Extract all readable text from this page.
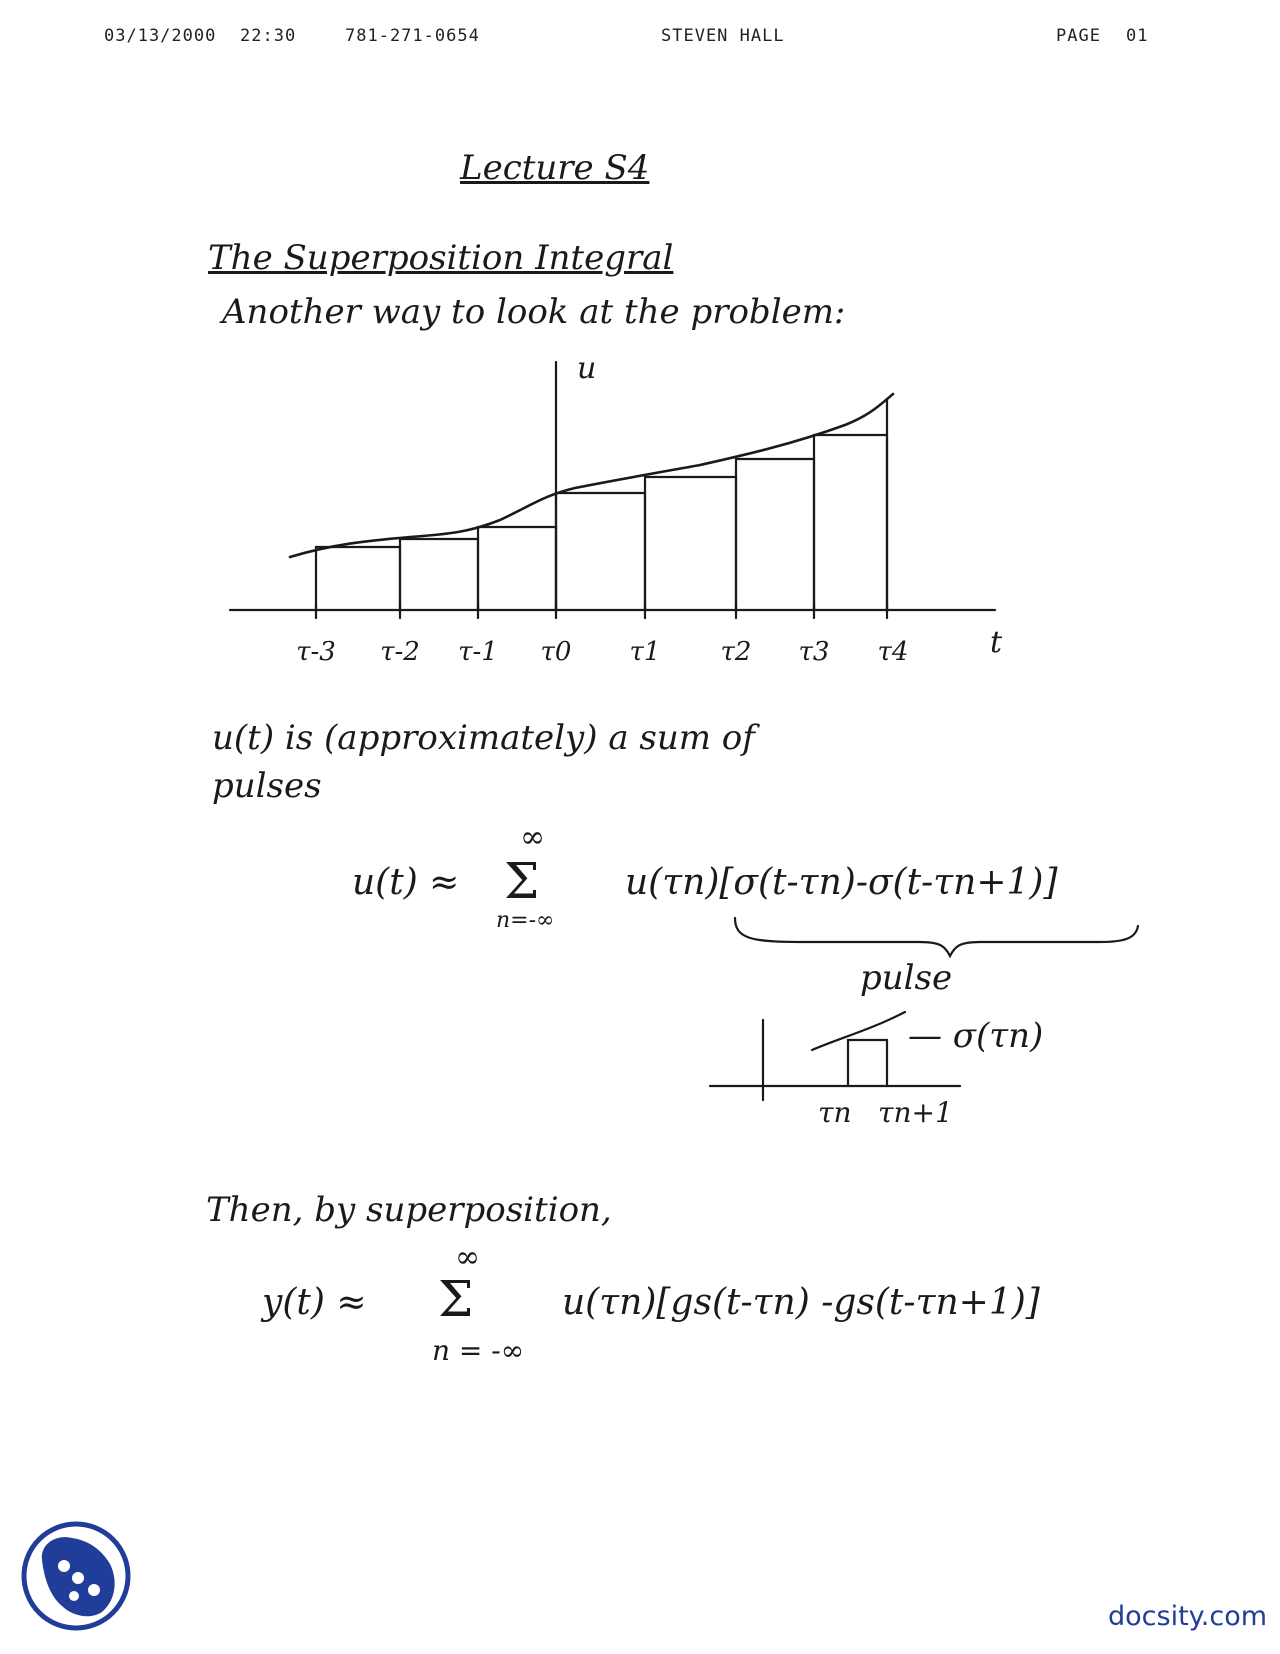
03/13/2000 22:30	781-271-0654	STEVEN HALL	PAGE 01
Lecture S4
The Superposition Integral
Another way to look at the problem:
u
t
τ-3 τ-2 τ-1 τ0 τ1 τ2 τ3 τ4
u(t) is (approximately) a sum of
pulses
u(t) ≈
∞
Σ
n=-∞
u(τn)[σ(t-τn)-σ(t-τn+1)]
pulse
— σ(τn)
τn τn+1
Then, by superposition,
y(t) ≈
∞
Σ
n = -∞
u(τn)[gs(t-τn) -gs(t-τn+1)]
docsity.com
